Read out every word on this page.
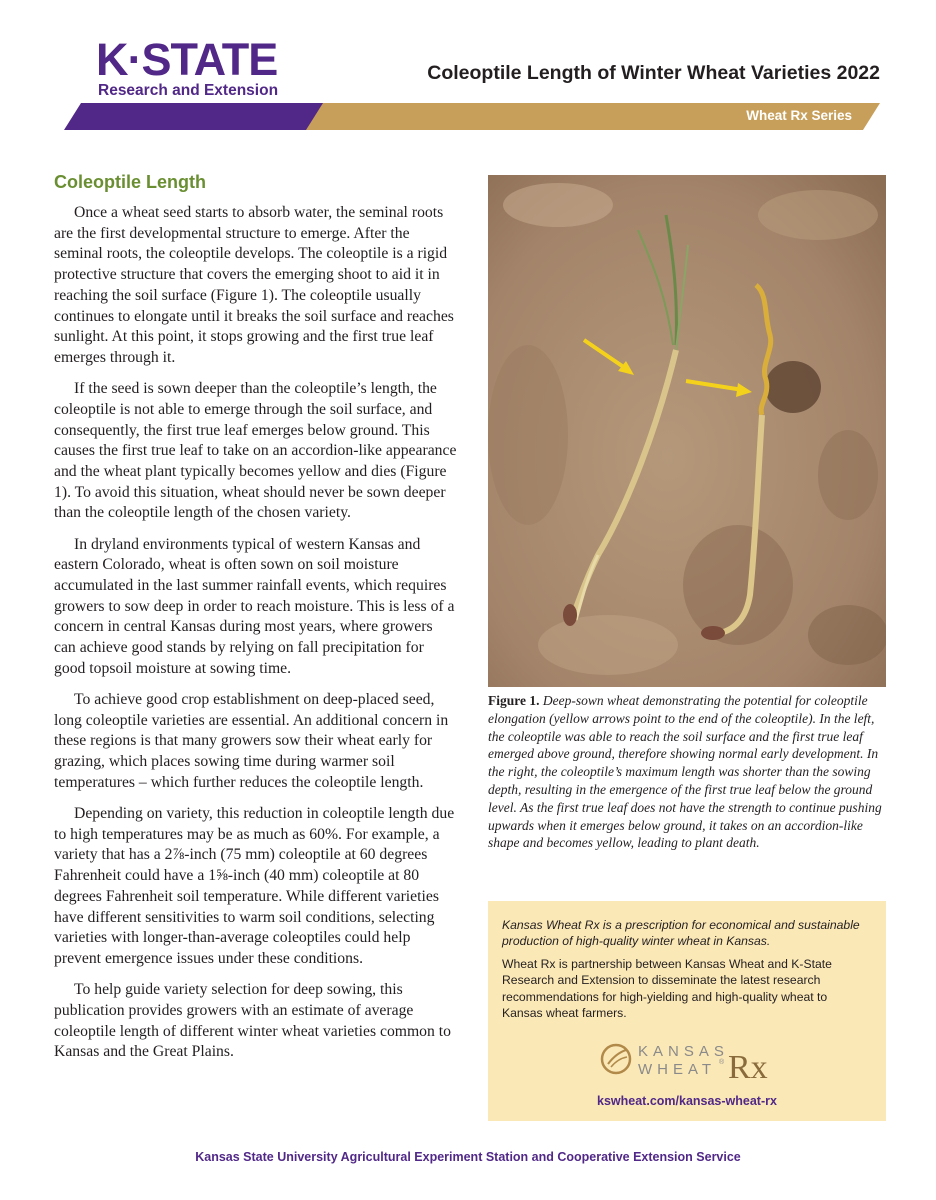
K·STATE
Research and Extension
Coleoptile Length of Winter Wheat Varieties 2022
Wheat Rx Series
Coleoptile Length

Once a wheat seed starts to absorb water, the seminal roots are the first developmental structure to emerge. After the seminal roots, the coleoptile develops. The coleoptile is a rigid protective structure that covers the emerging shoot to aid it in reaching the soil surface (Figure 1). The coleoptile usually continues to elongate until it breaks the soil surface and reaches sunlight. At this point, it stops growing and the first true leaf emerges through it.

If the seed is sown deeper than the coleoptile’s length, the coleoptile is not able to emerge through the soil surface, and consequently, the first true leaf emerges below ground. This causes the first true leaf to take on an accordion-like appearance and the wheat plant typically becomes yellow and dies (Figure 1). To avoid this situation, wheat should never be sown deeper than the coleoptile length of the chosen variety.

In dryland environments typical of western Kansas and eastern Colorado, wheat is often sown on soil moisture accumulated in the last summer rainfall events, which requires growers to sow deep in order to reach moisture. This is less of a concern in central Kansas during most years, where growers can achieve good stands by relying on fall precipitation for good topsoil moisture at sowing time.

To achieve good crop establishment on deep-placed seed, long coleoptile varieties are essential. An additional concern in these regions is that many growers sow their wheat early for grazing, which places sowing time during warmer soil temperatures – which further reduces the coleoptile length.

Depending on variety, this reduction in coleoptile length due to high temperatures may be as much as 60%. For example, a variety that has a 2⅞-inch (75 mm) coleoptile at 60 degrees Fahrenheit could have a 1⅝-inch (40 mm) coleoptile at 80 degrees Fahrenheit soil temperature. While different varieties have different sensitivities to warm soil conditions, selecting varieties with longer-than-average coleoptiles could help prevent emergence issues under these conditions.

To help guide variety selection for deep sowing, this publication provides growers with an estimate of average coleoptile length of different winter wheat varieties common to Kansas and the Great Plains.

Figure 1. Deep-sown wheat demonstrating the potential for coleoptile elongation (yellow arrows point to the end of the coleoptile). In the left, the coleoptile was able to reach the soil surface and the first true leaf emerged above ground, therefore showing normal early development. In the right, the coleoptile’s maximum length was shorter than the sowing depth, resulting in the emergence of the first true leaf below the ground level. As the first true leaf does not have the strength to continue pushing upwards when it emerges below ground, it takes on an accordion-like shape and becomes yellow, leading to plant death.
Kansas Wheat Rx is a prescription for economical and sustainable production of high-quality winter wheat in Kansas.
Wheat Rx is partnership between Kansas Wheat and K-State Research and Extension to disseminate the latest research recommendations for high-yielding and high-quality wheat to Kansas wheat farmers.
KANSAS
WHEAT ® Rx
kswheat.com/kansas-wheat-rx
Kansas State University Agricultural Experiment Station and Cooperative Extension Service
